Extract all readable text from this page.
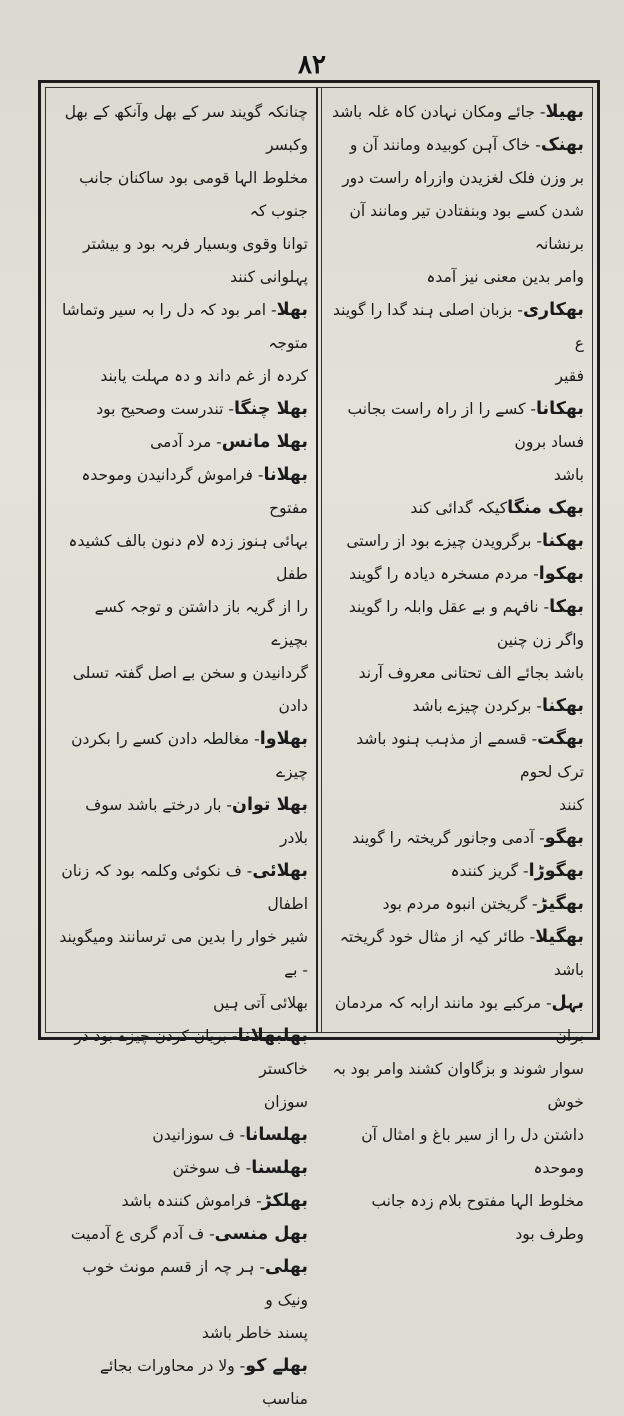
۸۲

بھیلا- جائے ومکان نہادن کاہ غلہ باشد

بھنک- خاک آہن کوبیدہ ومانند آن و

بر وزن فلک لغزیدن وازراہ راست دور

شدن کسے بود وبنفتادن تیر ومانند آن برنشانہ

وامر بدین معنی نیز آمدہ

بھکاری- بزبان اصلی ہند گدا را گویند ع

فقیر

بھکانا- کسے را از راہ راست بجانب فساد برون

باشد

بھک منگاکیکہ گدائی کند

بھکنا- برگرویدن چیزے بود از راستی

بھکوا- مردم مسخرہ دیادہ را گویند

بھکا- نافہم و بے عقل وابلہ را گویند واگر زن چنین

باشد بجائے الف تحتانی معروف آرند

بھکنا- برکردن چیزے باشد

بھگت- قسمے از مذہب ہنود باشد ترک لحوم

کنند

بھگو- آدمی وجانور گریختہ را گویند

بھگوڑا- گریز کنندہ

بھگیڑ- گریختن انبوہ مردم بود

بھگیلا- طائر کیہ از مثال خود گریختہ باشد

بہل- مرکبے بود مانند ارابہ کہ مردمان بران

سوار شوند و بزگاوان کشند وامر بود بہ خوش

داشتن دل را از سیر باغ و امثال آن وموحدہ

مخلوط الہا مفتوح بلام زدہ جانب وطرف بود

چنانکہ گویند سر کے بھل وآنکھ کے بھل وکبسر

مخلوط الہا قومی بود ساکنان جانب جنوب کہ

توانا وقوی وبسیار فربہ بود و بیشتر پہلوانی کنند

بھلا- امر بود کہ دل را بہ سیر وتماشا متوجہ

کردہ از غم داند و دہ مہلت یابند

بھلا چنگا- تندرست وصحیح بود

بھلا مانس- مرد آدمی

بھلانا- فراموش گردانیدن وموحدہ مفتوح

بہائی ہنوز زدہ لام دنون بالف کشیدہ طفل

را از گریہ باز داشتن و توجہ کسے بچیزے

گردانیدن و سخن بے اصل گفتہ تسلی دادن

بھلاوا- مغالطہ دادن کسے را بکردن چیزے

بھلا توان- بار درختے باشد سوف بلادر

بھلائی- ف نکوئی وکلمہ بود کہ زنان اطفال

شیر خوار را بدین می ترسانند ومیگویند - بے

بھلائی آتی ہیں

بھلبھلانا- بریان کردن چیزے بود در خاکستر

سوزان

بھلسانا- ف سوزانیدن

بھلسنا- ف سوختن

بھلکڑ- فراموش کنندہ باشد

بھل منسی- ف آدم گری ع آدمیت

بھلی- ہر چہ از قسم مونث خوب ونیک و

پسند خاطر باشد

بھلے کو- ولا در محاورات بجائے مناسب
